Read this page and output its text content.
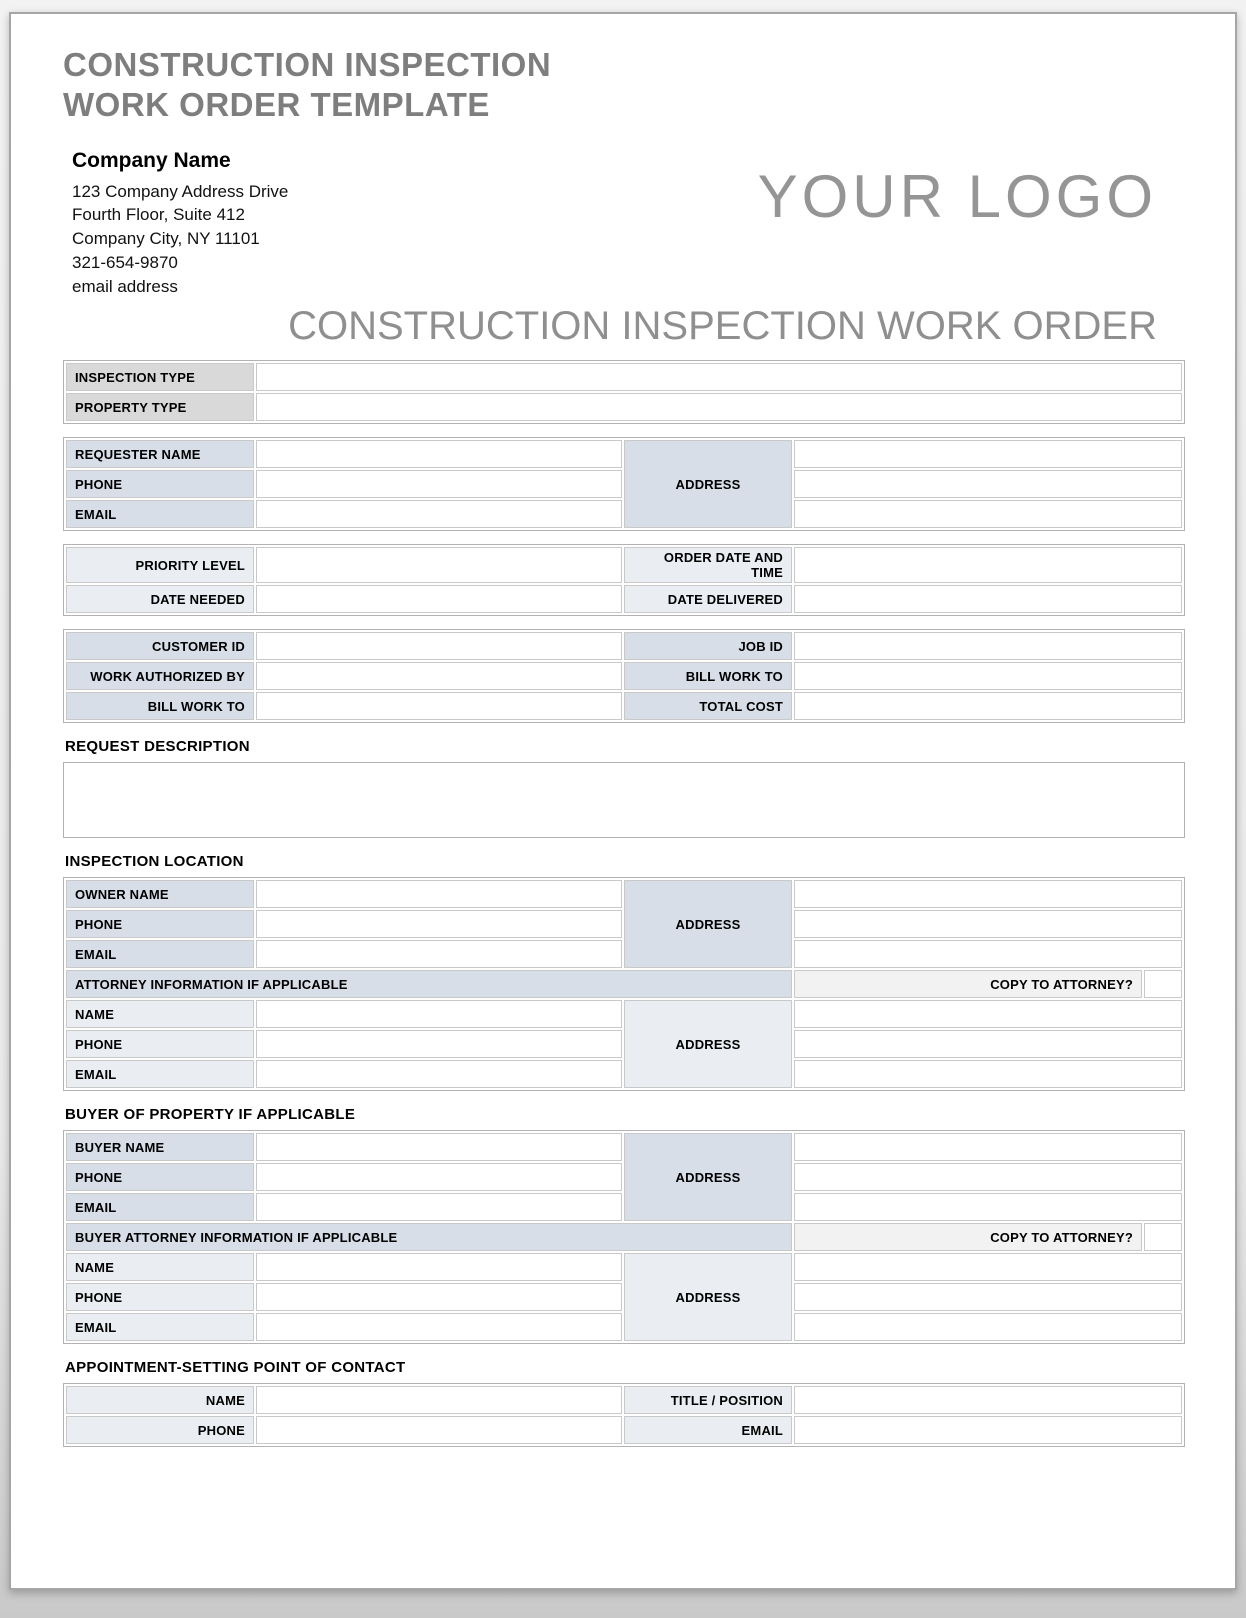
CONSTRUCTION INSPECTION
WORK ORDER TEMPLATE
YOUR LOGO
Company Name
123 Company Address Drive
Fourth Floor, Suite 412
Company City, NY 11101
321-654-9870
email address
CONSTRUCTION INSPECTION WORK ORDER
INSPECTION TYPE	
PROPERTY TYPE	
REQUESTER NAME		ADDRESS	
PHONE			
EMAIL			
PRIORITY LEVEL		ORDER DATE AND TIME	
DATE NEEDED		DATE DELIVERED	
CUSTOMER ID		JOB ID	
WORK AUTHORIZED BY		BILL WORK TO	
BILL WORK TO		TOTAL COST	
REQUEST DESCRIPTION
INSPECTION LOCATION
OWNER NAME		ADDRESS		
PHONE				
EMAIL				
ATTORNEY INFORMATION IF APPLICABLE			COPY TO ATTORNEY?	
NAME		ADDRESS		
PHONE				
EMAIL				
BUYER OF PROPERTY IF APPLICABLE
BUYER NAME		ADDRESS		
PHONE				
EMAIL				
BUYER ATTORNEY INFORMATION IF APPLICABLE			COPY TO ATTORNEY?	
NAME		ADDRESS		
PHONE				
EMAIL				
APPOINTMENT-SETTING POINT OF CONTACT
NAME		TITLE / POSITION	
PHONE		EMAIL	
